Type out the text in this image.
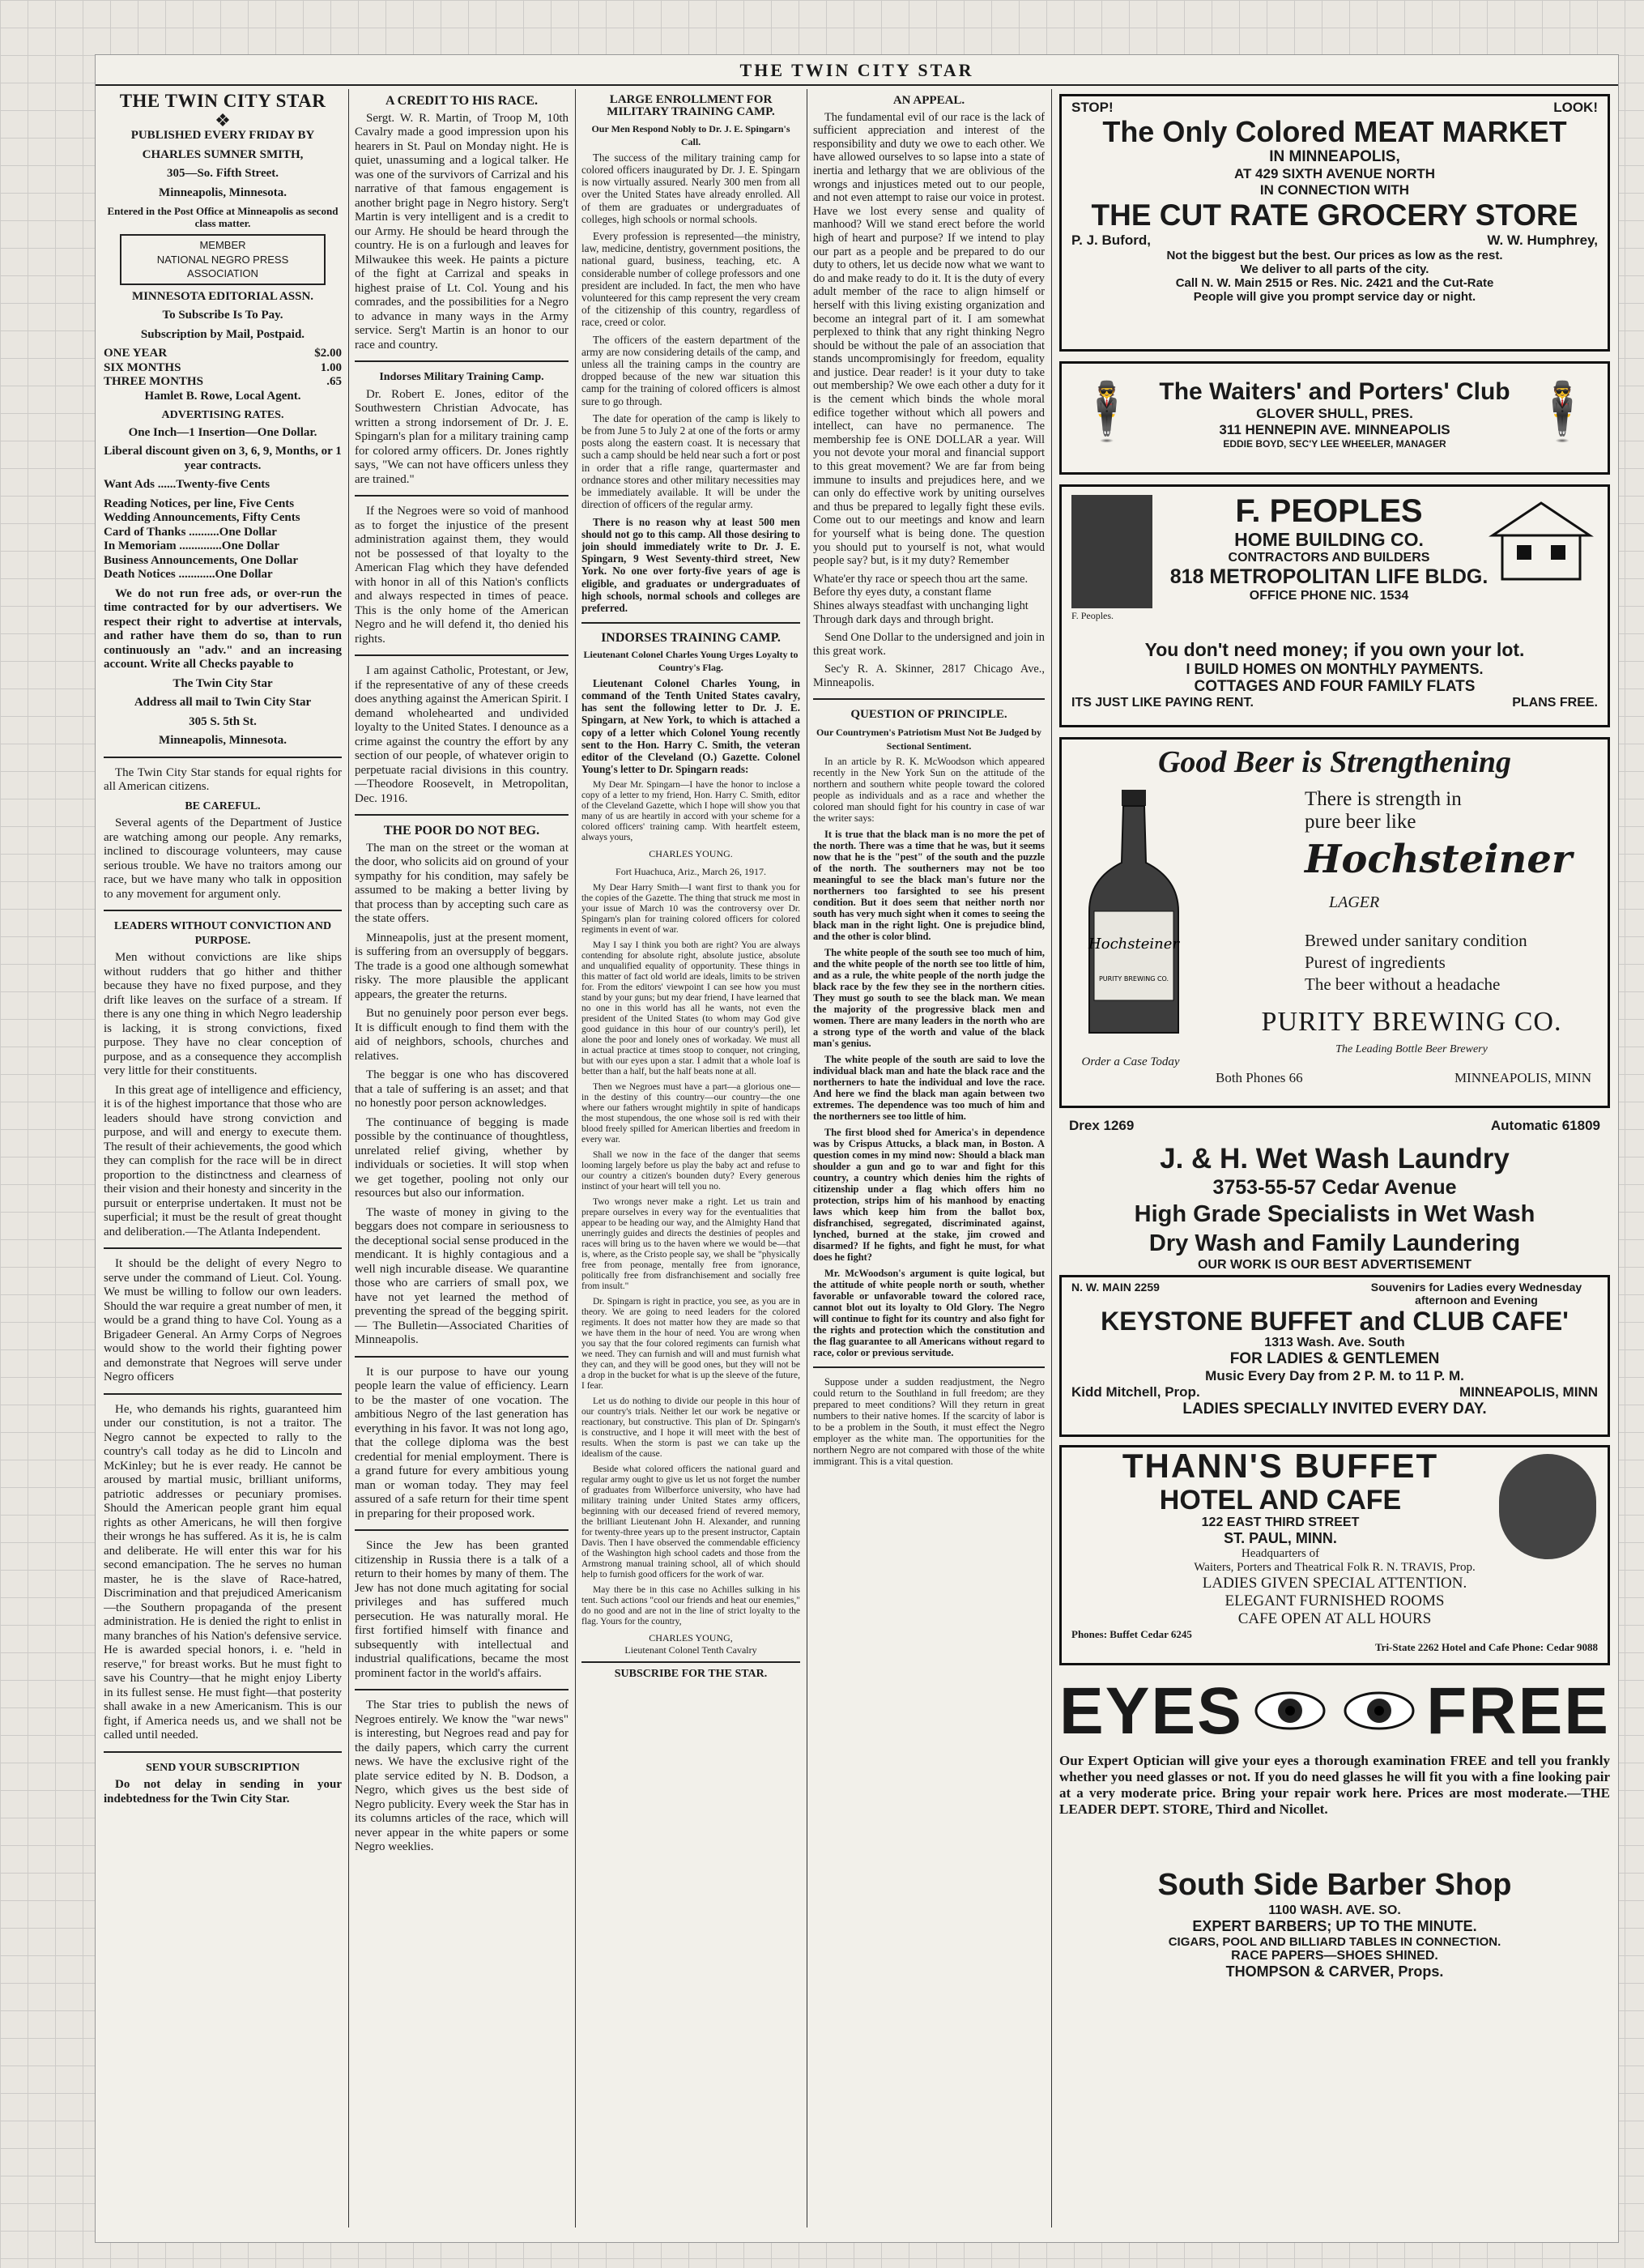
THE TWIN CITY STAR
THE TWIN CITY STAR
❖

PUBLISHED EVERY FRIDAY BY

CHARLES SUMNER SMITH,

305—So. Fifth Street.

Minneapolis, Minnesota.

Entered in the Post Office at Minneapolis as second class matter.

MEMBER
NATIONAL NEGRO PRESS
ASSOCIATION

MINNESOTA EDITORIAL ASSN.

To Subscribe Is To Pay.

Subscription by Mail, Postpaid.

ONE YEAR	$2.00
SIX MONTHS	1.00
THREE MONTHS	.65

Hamlet B. Rowe, Local Agent.

ADVERTISING RATES.

One Inch—1 Insertion—One Dollar.

Liberal discount given on 3, 6, 9, Months, or 1 year contracts.

Want Ads ......Twenty-five Cents

Reading Notices, per line, Five Cents

Wedding Announcements, Fifty Cents

Card of Thanks ..........One Dollar

In Memoriam ..............One Dollar

Business Announcements, One Dollar

Death Notices ............One Dollar

We do not run free ads, or over-run the time contracted for by our advertisers. We respect their right to advertise at intervals, and rather have them do so, than to run continuously an "adv." and an increasing account. Write all Checks payable to

The Twin City Star

Address all mail to Twin City Star

305 S. 5th St.

Minneapolis, Minnesota.

The Twin City Star stands for equal rights for all American citizens.

BE CAREFUL.

Several agents of the Department of Justice are watching among our people. Any remarks, inclined to discourage volunteers, may cause serious trouble. We have no traitors among our race, but we have many who talk in opposition to any movement for argument only.

LEADERS WITHOUT CONVICTION AND PURPOSE.

Men without convictions are like ships without rudders that go hither and thither because they have no fixed purpose, and they drift like leaves on the surface of a stream. If there is any one thing in which Negro leadership is lacking, it is strong convictions, fixed purpose. They have no clear conception of purpose, and as a consequence they accomplish very little for their constituents.

In this great age of intelligence and efficiency, it is of the highest importance that those who are leaders should have strong conviction and purpose, and will and energy to execute them. The result of their achievements, the good which they can complish for the race will be in direct proportion to the distinctness and clearness of their vision and their honesty and sincerity in the pursuit or enterprise undertaken. It must not be superficial; it must be the result of great thought and deliberation.—The Atlanta Independent.

It should be the delight of every Negro to serve under the command of Lieut. Col. Young. We must be willing to follow our own leaders. Should the war require a great number of men, it would be a grand thing to have Col. Young as a Brigadeer General. An Army Corps of Negroes would show to the world their fighting power and demonstrate that Negroes will serve under Negro officers

He, who demands his rights, guaranteed him under our constitution, is not a traitor. The Negro cannot be expected to rally to the country's call today as he did to Lincoln and McKinley; but he is ever ready. He cannot be aroused by martial music, brilliant uniforms, patriotic addresses or pecuniary promises. Should the American people grant him equal rights as other Americans, he will then forgive their wrongs he has suffered. As it is, he is calm and deliberate. He will enter this war for his second emancipation. The he serves no human master, he is the slave of Race-hatred, Discrimination and that prejudiced Americanism—the Southern propaganda of the present administration. He is denied the right to enlist in many branches of his Nation's defensive service. He is awarded special honors, i. e. "held in reserve," for breast works. But he must fight to save his Country—that he might enjoy Liberty in its fullest sense. He must fight—that posterity shall awake in a new Americanism. This is our fight, if America needs us, and we shall not be called until needed.

SEND YOUR SUBSCRIPTION

Do not delay in sending in your indebtedness for the Twin City Star.

A CREDIT TO HIS RACE.

Sergt. W. R. Martin, of Troop M, 10th Cavalry made a good impression upon his hearers in St. Paul on Monday night. He is quiet, unassuming and a logical talker. He was one of the survivors of Carrizal and his narrative of that famous engagement is another bright page in Negro history. Serg't Martin is very intelligent and is a credit to our Army. He should be heard through the country. He is on a furlough and leaves for Milwaukee this week. He paints a picture of the fight at Carrizal and speaks in highest praise of Lt. Col. Young and his comrades, and the possibilities for a Negro to advance in many ways in the Army service. Serg't Martin is an honor to our race and country.

Indorses Military Training Camp.

Dr. Robert E. Jones, editor of the Southwestern Christian Advocate, has written a strong indorsement of Dr. J. E. Spingarn's plan for a military training camp for colored army officers. Dr. Jones rightly says, "We can not have officers unless they are trained."

If the Negroes were so void of manhood as to forget the injustice of the present administration against them, they would not be possessed of that loyalty to the American Flag which they have defended with honor in all of this Nation's conflicts and always respected in times of peace. This is the only home of the American Negro and he will defend it, tho denied his rights.

I am against Catholic, Protestant, or Jew, if the representative of any of these creeds does anything against the American Spirit. I demand wholehearted and undivided loyalty to the United States. I denounce as a crime against the country the effort by any section of our people, of whatever origin to perpetuate racial divisions in this country.—Theodore Roosevelt, in Metropolitan, Dec. 1916.

THE POOR DO NOT BEG.

The man on the street or the woman at the door, who solicits aid on ground of your sympathy for his condition, may safely be assumed to be making a better living by that process than by accepting such care as the state offers.

Minneapolis, just at the present moment, is suffering from an oversupply of beggars. The trade is a good one although somewhat risky. The more plausible the applicant appears, the greater the returns.

But no genuinely poor person ever begs. It is difficult enough to find them with the aid of neighbors, schools, churches and relatives.

The beggar is one who has discovered that a tale of suffering is an asset; and that no honestly poor person acknowledges.

The continuance of begging is made possible by the continuance of thoughtless, unrelated relief giving, whether by individuals or societies. It will stop when we get together, pooling not only our resources but also our information.

The waste of money in giving to the beggars does not compare in seriousness to the deceptional social sense produced in the mendicant. It is highly contagious and a well nigh incurable disease. We quarantine those who are carriers of small pox, we have not yet learned the method of preventing the spread of the begging spirit. — The Bulletin—Associated Charities of Minneapolis.

It is our purpose to have our young people learn the value of efficiency. Learn to be the master of one vocation. The ambitious Negro of the last generation has everything in his favor. It was not long ago, that the college diploma was the best credential for menial employment. There is a grand future for every ambitious young man or woman today. They may feel assured of a safe return for their time spent in preparing for their proposed work.

Since the Jew has been granted citizenship in Russia there is a talk of a return to their homes by many of them. The Jew has not done much agitating for social privileges and has suffered much persecution. He was naturally moral. He first fortified himself with finance and subsequently with intellectual and industrial qualifications, became the most prominent factor in the world's affairs.

The Star tries to publish the news of Negroes entirely. We know the "war news" is interesting, but Negroes read and pay for the daily papers, which carry the current news. We have the exclusive right of the plate service edited by N. B. Dodson, a Negro, which gives us the best side of Negro publicity. Every week the Star has in its columns articles of the race, which will never appear in the white papers or some Negro weeklies.

LARGE ENROLLMENT FOR MILITARY TRAINING CAMP.
Our Men Respond Nobly to Dr. J. E. Spingarn's Call.

The success of the military training camp for colored officers inaugurated by Dr. J. E. Spingarn is now virtually assured. Nearly 300 men from all over the United States have already enrolled. All of them are graduates or undergraduates of colleges, high schools or normal schools.

Every profession is represented—the ministry, law, medicine, dentistry, government positions, the national guard, business, teaching, etc. A considerable number of college professors and one president are included. In fact, the men who have volunteered for this camp represent the very cream of the citizenship of this country, regardless of race, creed or color.

The officers of the eastern department of the army are now considering details of the camp, and unless all the training camps in the country are dropped because of the new war situation this camp for the training of colored officers is almost sure to go through.

The date for operation of the camp is likely to be from June 5 to July 2 at one of the forts or army posts along the eastern coast. It is necessary that such a camp should be held near such a fort or post in order that a rifle range, quartermaster and ordnance stores and other military necessities may be immediately available. It will be under the direction of officers of the regular army.

There is no reason why at least 500 men should not go to this camp. All those desiring to join should immediately write to Dr. J. E. Spingarn, 9 West Seventy-third street, New York. No one over forty-five years of age is eligible, and graduates or undergraduates of high schools, normal schools and colleges are preferred.

INDORSES TRAINING CAMP.
Lieutenant Colonel Charles Young Urges Loyalty to Country's Flag.

Lieutenant Colonel Charles Young, in command of the Tenth United States cavalry, has sent the following letter to Dr. J. E. Spingarn, at New York, to which is attached a copy of a letter which Colonel Young recently sent to the Hon. Harry C. Smith, the veteran editor of the Cleveland (O.) Gazette. Colonel Young's letter to Dr. Spingarn reads:

My Dear Mr. Spingarn—I have the honor to inclose a copy of a letter to my friend, Hon. Harry C. Smith, editor of the Cleveland Gazette, which I hope will show you that many of us are heartily in accord with your scheme for a colored officers' training camp. With heartfelt esteem, always yours,

CHARLES YOUNG.

Fort Huachuca, Ariz., March 26, 1917.

My Dear Harry Smith—I want first to thank you for the copies of the Gazette. The thing that struck me most in your issue of March 10 was the controversy over Dr. Spingarn's plan for training colored officers for colored regiments in event of war.

May I say I think you both are right? You are always contending for absolute right, absolute justice, absolute and unqualified equality of opportunity. These things in this matter of fact old world are ideals, limits to be striven for. From the editors' viewpoint I can see how you must stand by your guns; but my dear friend, I have learned that no one in this world has all he wants, not even the president of the United States (to whom may God give good guidance in this hour of our country's peril), let alone the poor and lonely ones of workaday. We must all in actual practice at times stoop to conquer, not cringing, but with our eyes upon a star. I admit that a whole loaf is better than a half, but the half beats none at all.

Then we Negroes must have a part—a glorious one—in the destiny of this country—our country—the one where our fathers wrought mightily in spite of handicaps the most stupendous, the one whose soil is red with their blood freely spilled for American liberties and freedom in every war.

Shall we now in the face of the danger that seems looming largely before us play the baby act and refuse to our country a citizen's bounden duty? Every generous instinct of your heart will tell you no.

Two wrongs never make a right. Let us train and prepare ourselves in every way for the eventualities that appear to be heading our way, and the Almighty Hand that unerringly guides and directs the destinies of peoples and races will bring us to the haven where we would be—that is, where, as the Cristo people say, we shall be "physically free from peonage, mentally free from ignorance, politically free from disfranchisement and socially free from insult."

Dr. Spingarn is right in practice, you see, as you are in theory. We are going to need leaders for the colored regiments. It does not matter how they are made so that we have them in the hour of need. You are wrong when you say that the four colored regiments can furnish what we need. They can furnish and will and must furnish what they can, and they will be good ones, but they will not be a drop in the bucket for what is up the sleeve of the future, I fear.

Let us do nothing to divide our people in this hour of our country's trials. Neither let our work be negative or reactionary, but constructive. This plan of Dr. Spingarn's is constructive, and I hope it will meet with the best of results. When the storm is past we can take up the idealism of the cause.

Beside what colored officers the national guard and regular army ought to give us let us not forget the number of graduates from Wilberforce university, who have had military training under United States army officers, beginning with our deceased friend of revered memory, the brilliant Lieutenant John H. Alexander, and running for twenty-three years up to the present instructor, Captain Davis. Then I have observed the commendable efficiency of the Washington high school cadets and those from the Armstrong manual training school, all of which should help to furnish good officers for the work of war.

May there be in this case no Achilles sulking in his tent. Such actions "cool our friends and heat our enemies," do no good and are not in the line of strict loyalty to the flag. Yours for the country,

CHARLES YOUNG,

Lieutenant Colonel Tenth Cavalry

SUBSCRIBE FOR THE STAR.
AN APPEAL.

The fundamental evil of our race is the lack of sufficient appreciation and interest of the responsibility and duty we owe to each other. We have allowed ourselves to so lapse into a state of inertia and lethargy that we are oblivious of the wrongs and injustices meted out to our people, and not even attempt to raise our voice in protest. Have we lost every sense and quality of manhood? Will we stand erect before the world high of heart and purpose? If we intend to play our part as a people and be prepared to do our duty to others, let us decide now what we want to do and make ready to do it. It is the duty of every adult member of the race to align himself or herself with this living existing organization and become an integral part of it. I am somewhat perplexed to think that any right thinking Negro should be without the pale of an association that stands uncompromisingly for freedom, equality and justice. Dear reader! is it your duty to take out membership? We owe each other a duty for it is the cement which binds the whole moral edifice together without which all powers and intellect, can have no permanence. The membership fee is ONE DOLLAR a year. Will you not devote your moral and financial support to this great movement? We are far from being immune to insults and prejudices here, and we can only do effective work by uniting ourselves and thus be prepared to legally fight these evils. Come out to our meetings and know and learn for yourself what is being done. The question you should put to yourself is not, what would people say? but, is it my duty? Remember

Whate'er thy race or speech thou art the same.

Before thy eyes duty, a constant flame

Shines always steadfast with unchanging light

Through dark days and through bright.

Send One Dollar to the undersigned and join in this great work.

Sec'y R. A. Skinner, 2817 Chicago Ave., Minneapolis.

QUESTION OF PRINCIPLE.
Our Countrymen's Patriotism Must Not Be Judged by Sectional Sentiment.

In an article by R. K. McWoodson which appeared recently in the New York Sun on the attitude of the northern and southern white people toward the colored people as individuals and as a race and whether the colored man should fight for his country in case of war the writer says:

It is true that the black man is no more the pet of the north. There was a time that he was, but it seems now that he is the "pest" of the south and the puzzle of the north. The southerners may not be too meaningful to see the black man's future nor the northerners too farsighted to see his present condition. But it does seem that neither north nor south has very much sight when it comes to seeing the black man in the right light. One is prejudice blind, and the other is color blind.

The white people of the south see too much of him, and the white people of the north see too little of him, and as a rule, the white people of the north judge the black race by the few they see in the northern cities. They must go south to see the black man. We mean the majority of the progressive black men and women. There are many leaders in the north who are a strong type of the worth and value of the black man's genius.

The white people of the south are said to love the individual black man and hate the black race and the northerners to hate the individual and love the race. And here we find the black man again between two extremes. The dependence was too much of him and the northerners see too little of him.

The first blood shed for America's in dependence was by Crispus Attucks, a black man, in Boston. A question comes in my mind now: Should a black man shoulder a gun and go to war and fight for this country, a country which denies him the rights of citizenship under a flag which offers him no protection, strips him of his manhood by enacting laws which keep him from the ballot box, disfranchised, segregated, discriminated against, lynched, burned at the stake, jim crowed and disarmed? If he fights, and fight he must, for what does he fight?

Mr. McWoodson's argument is quite logical, but the attitude of white people north or south, whether favorable or unfavorable toward the colored race, cannot blot out its loyalty to Old Glory. The Negro will continue to fight for its country and also fight for the rights and protection which the constitution and the flag guarantee to all Americans without regard to race, color or previous servitude.

Suppose under a sudden readjustment, the Negro could return to the Southland in full freedom; are they prepared to meet conditions? Will they return in great numbers to their native homes. If the scarcity of labor is to be a problem in the South, it must effect the Negro employer as the white man. The opportunities for the northern Negro are not compared with those of the white immigrant. This is a vital question.

STOP!	LOOK!
The Only Colored MEAT MARKET
IN MINNEAPOLIS,
AT 429 SIXTH AVENUE NORTH
IN CONNECTION WITH
THE CUT RATE GROCERY STORE
P. J. Buford,	W. W. Humphrey,
Not the biggest but the best. Our prices as low as the rest.
We deliver to all parts of the city.
Call N. W. Main 2515 or Res. Nic. 2421 and the Cut-Rate
People will give you prompt service day or night.
🕴	🕴
The Waiters' and Porters' Club
GLOVER SHULL, PRES.
311 HENNEPIN AVE. MINNEAPOLIS
EDDIE BOYD, SEC'Y LEE WHEELER, MANAGER
F. Peoples.
F. PEOPLES
HOME BUILDING CO.
CONTRACTORS AND BUILDERS
818 METROPOLITAN LIFE BLDG.
OFFICE PHONE NIC. 1534
You don't need money; if you own your lot.
I BUILD HOMES ON MONTHLY PAYMENTS.
COTTAGES AND FOUR FAMILY FLATS
ITS JUST LIKE PAYING RENT.	PLANS FREE.
Good Beer is Strengthening
Hochsteiner
PURITY BREWING CO.
There is strength in
pure beer like
Hochsteiner
LAGER
Brewed under sanitary condition
Purest of ingredients
The beer without a headache
PURITY BREWING CO.
The Leading Bottle Beer Brewery
Order a Case Today
Both Phones 66	MINNEAPOLIS, MINN
Drex 1269	Automatic 61809
J. & H. Wet Wash Laundry
3753-55-57 Cedar Avenue
High Grade Specialists in Wet Wash
Dry Wash and Family Laundering
OUR WORK IS OUR BEST ADVERTISEMENT
N. W. MAIN 2259	Souvenirs for Ladies every Wednesday afternoon and Evening
KEYSTONE BUFFET and CLUB CAFE'
1313 Wash. Ave. South
FOR LADIES & GENTLEMEN
Music Every Day from 2 P. M. to 11 P. M.
Kidd Mitchell, Prop.	MINNEAPOLIS, MINN
LADIES SPECIALLY INVITED EVERY DAY.
THANN'S BUFFET
HOTEL AND CAFE
122 EAST THIRD STREET
ST. PAUL, MINN.
Headquarters of
Waiters, Porters and Theatrical Folk R. N. TRAVIS, Prop.
LADIES GIVEN SPECIAL ATTENTION.
ELEGANT FURNISHED ROOMS
CAFE OPEN AT ALL HOURS
Phones: Buffet Cedar 6245
Tri-State 2262 Hotel and Cafe Phone: Cedar 9088
EYES	FREE
Our Expert Optician will give your eyes a thorough examination FREE and tell you frankly whether you need glasses or not. If you do need glasses he will fit you with a fine looking pair at a very moderate price. Bring your repair work here. Prices are most moderate.—THE LEADER DEPT. STORE, Third and Nicollet.
South Side Barber Shop
1100 WASH. AVE. SO.
EXPERT BARBERS; UP TO THE MINUTE.
CIGARS, POOL AND BILLIARD TABLES IN CONNECTION.
RACE PAPERS—SHOES SHINED.
THOMPSON & CARVER, Props.
